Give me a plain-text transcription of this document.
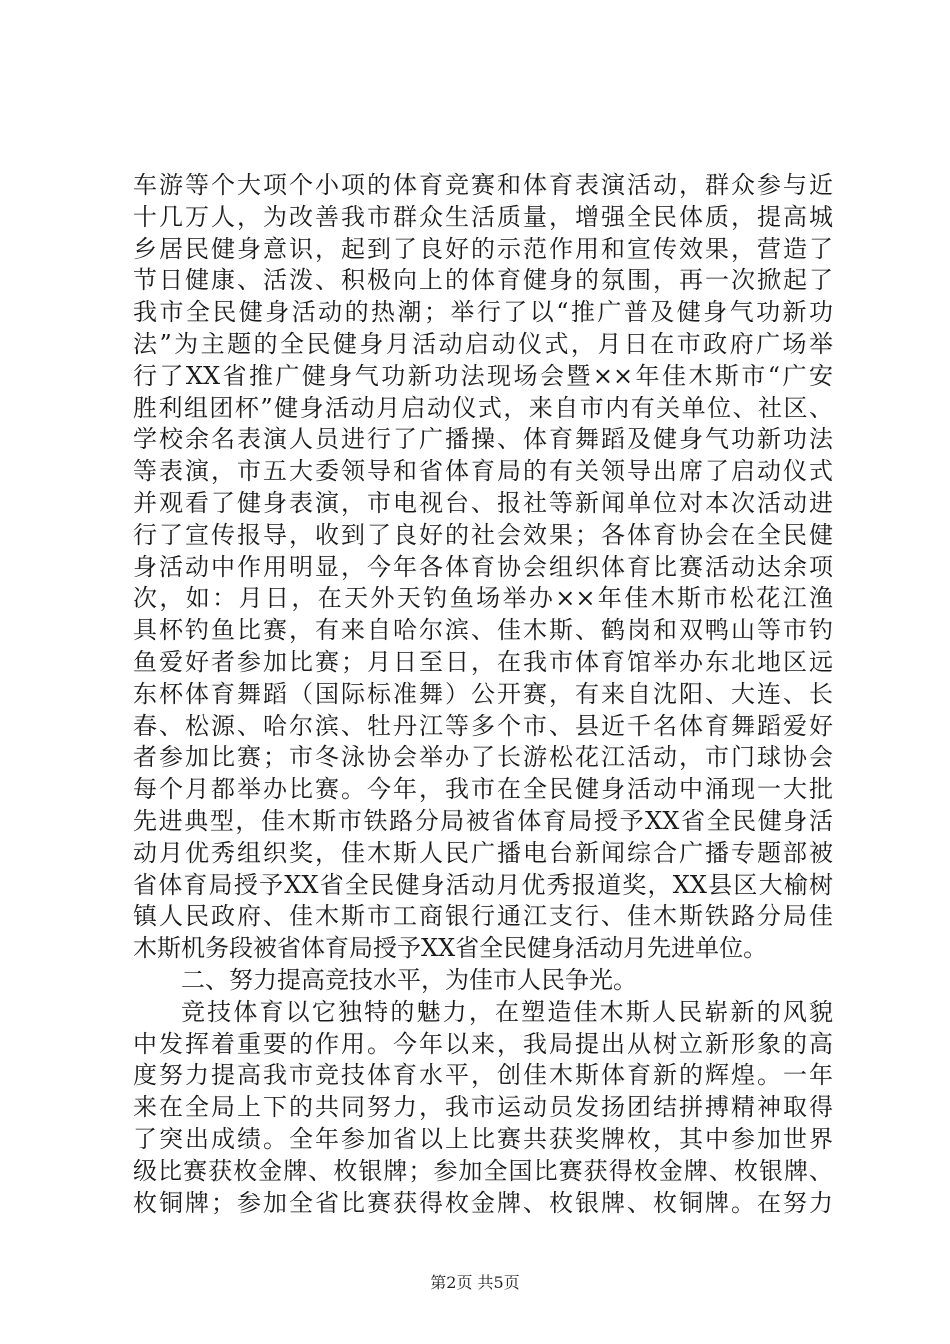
车游等个大项个小项的体育竞赛和体育表演活动，群众参与近
十几万人，为改善我市群众生活质量，增强全民体质，提高城
乡居民健身意识，起到了良好的示范作用和宣传效果，营造了
节日健康、活泼、积极向上的体育健身的氛围，再一次掀起了
我市全民健身活动的热潮；举行了以“推广普及健身气功新功
法”为主题的全民健身月活动启动仪式，月日在市政府广场举
行了XX省推广健身气功新功法现场会暨××年佳木斯市“广安
胜利组团杯”健身活动月启动仪式，来自市内有关单位、社区、
学校余名表演人员进行了广播操、体育舞蹈及健身气功新功法
等表演，市五大委领导和省体育局的有关领导出席了启动仪式
并观看了健身表演，市电视台、报社等新闻单位对本次活动进
行了宣传报导，收到了良好的社会效果；各体育协会在全民健
身活动中作用明显，今年各体育协会组织体育比赛活动达余项
次，如：月日，在天外天钓鱼场举办××年佳木斯市松花江渔
具杯钓鱼比赛，有来自哈尔滨、佳木斯、鹤岗和双鸭山等市钓
鱼爱好者参加比赛；月日至日，在我市体育馆举办东北地区远
东杯体育舞蹈（国际标准舞）公开赛，有来自沈阳、大连、长
春、松源、哈尔滨、牡丹江等多个市、县近千名体育舞蹈爱好
者参加比赛；市冬泳协会举办了长游松花江活动，市门球协会
每个月都举办比赛。今年，我市在全民健身活动中涌现一大批
先进典型，佳木斯市铁路分局被省体育局授予XX省全民健身活
动月优秀组织奖，佳木斯人民广播电台新闻综合广播专题部被
省体育局授予XX省全民健身活动月优秀报道奖，XX县区大榆树
镇人民政府、佳木斯市工商银行通江支行、佳木斯铁路分局佳
木斯机务段被省体育局授予XX省全民健身活动月先进单位。
二、努力提高竞技水平，为佳市人民争光。
竞技体育以它独特的魅力，在塑造佳木斯人民崭新的风貌
中发挥着重要的作用。今年以来，我局提出从树立新形象的高
度努力提高我市竞技体育水平，创佳木斯体育新的辉煌。一年
来在全局上下的共同努力，我市运动员发扬团结拼搏精神取得
了突出成绩。全年参加省以上比赛共获奖牌枚，其中参加世界
级比赛获枚金牌、枚银牌；参加全国比赛获得枚金牌、枚银牌、
枚铜牌；参加全省比赛获得枚金牌、枚银牌、枚铜牌。在努力
第2页 共5页
